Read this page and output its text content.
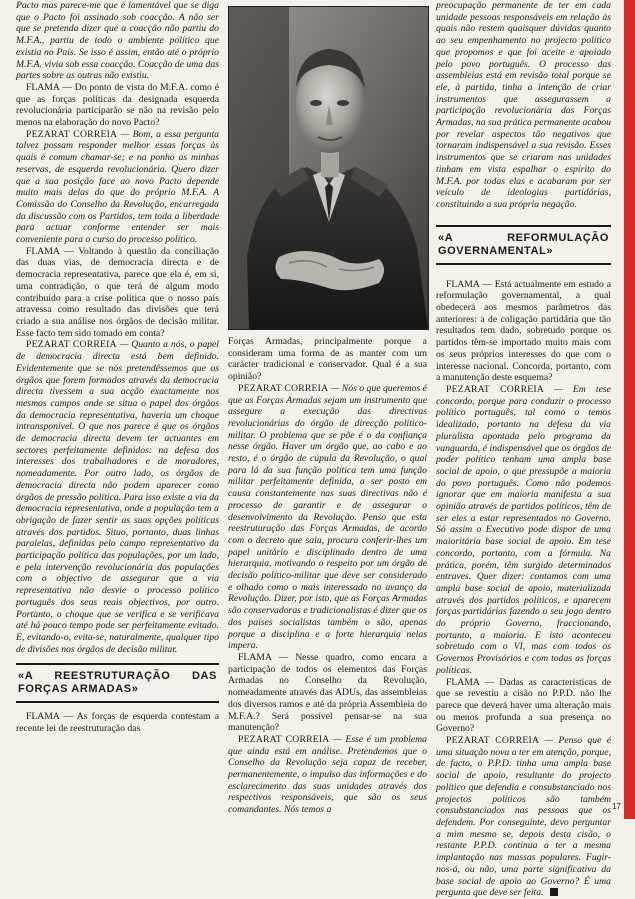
Pacto mas parece-me que é lamentável que se diga que o Pacto foi assinado sob coacção. A não ser que se pretenda dizer que a coacção não partiu do M.F.A., partiu de todo o ambiente político que existia no País. Se isso é assim, então até o próprio M.F.A. vivia sob essa coacção. Coacção de uma das partes sobre as outras não existiu.

FLAMA — Do ponto de vista do M.F.A. como é que as forças políticas da designada esquerda revolucionária participarão se não na revisão pelo menos na elaboração do novo Pacto?

PEZARAT CORREIA — Bom, a essa pergunta talvez possam responder melhor essas forças às quais é comum chamar-se; e na ponho as minhas reservas, de esquerda revolucionária. Quero dizer que a sua posição face ao novo Pacto depende muito mais delas do que do próprio M.F.A. A Comissão do Conselho da Revolução, encarregada da discussão com os Partidos, tem toda a liberdade para actuar conforme entender ser mais conveniente para o curso do processo político.

FLAMA — Voltando à questão da conciliação das duas vias, de democracia directa e de democracia representativa, parece que ela é, em si, uma contradição, o que terá de algum modo contribuído para a crise política que o nosso país atravessa como resultado das divisões que terá criado a sua análise nos órgãos de decisão militar. Esse facto tem sido tomado em conta?

PEZARAT CORREIA — Quanto a nós, o papel de democracia directa está bem definido. Evidentemente que se nós pretendêssemos que os órgãos que forem formados através da democracia directa tivessem a sua acção exactamente nos mesmos campos onde se situa o papel dos órgãos da democracia representativa, haveria um choque intransponível. O que nos parece é que os órgãos de democracia directa devem ter actuantes em sectores perfeitamente definidos: na defesa dos interesses dos trabalhadores e de moradores, nomeadamente. Por outro lado, os órgãos de democracia directa não podem aparecer como órgãos de pressão política. Para isso existe a via da democracia representativa, onde a população tem a obrigação de fazer sentir as suas opções políticas através dos partidos. Situo, portanto, duas linhas paralelas, definidas pelo campo representativo da participação política das populações, por um lado, e pela intervenção revolucionária das populações com o objectivo de assegurar que a via representativa não desvie o processo político português dos seus reais objectivos, por outro. Portanto, o choque que se verifica e se verificava até há pouco tempo pode ser perfeitamente evitado. E, evitando-o, evita-se, naturalmente, qualquer tipo de divisões nos órgãos de decisão militar.

«A REESTRUTURAÇÃO DAS FORÇAS ARMADAS»

FLAMA — As forças de esquerda contestam a recente lei de reestruturação das

Forças Armadas, principalmente porque a consideram uma forma de as manter com um carácter tradicional e conservador. Qual é a sua opinião?

PEZARAT CORREIA — Nós o que queremos é que as Forças Armadas sejam um instrumento que assegure a execução das directivas revolucionárias do órgão de direcção político-militar. O problema que se põe é o da confiança nesse órgão. Haver um órgão que, ao cabo e ao resto, é o órgão de cúpula da Revolução, o qual para lá da sua função política tem uma função militar perfeitamente definida, a ser posto em causa constantemente nas suas directivas não é processo de garantir e de assegurar o desenvolvimento da Revolução. Penso que esta reestruturação das Forças Armadas, de acordo com o decreto que saiu, procura conferir-lhes um papel unitário e disciplinado dentro de uma hierarquia, motivando o respeito por um órgão de decisão político-militar que deve ser considerado e olhado como o mais interessado no avanço da Revolução. Dizer, por isto, que as Forças Armadas são conservadoras e tradicionalistas é dizer que os dos países socialistas também o são, apenas porque a disciplina e a forte hierarquia nelas impera.

FLAMA — Nesse quadro, como encara a participação de todos os elementos das Forças Armadas no Conselho da Revolução, nomeadamente através das ADUs, das assembleias dos diversos ramos e até da própria Assembleia do M.F.A.? Será possível pensar-se na sua manutenção?

PEZARAT CORREIA — Esse é um problema que ainda está em análise. Pretendemos que o Conselho da Revolução seja capaz de receber, permanentemente, o impulso das informações e do esclarecimento das suas unidades através dos respectivos responsáveis, que são os seus comandantes. Nós temos a

preocupação permanente de ter em cada unidade pessoas responsáveis em relação às quais não restem quaisquer dúvidas quanto ao seu empenhamento no projecto político que propomos e que foi aceite e apoiado pelo povo português. O processo das assembleias está em revisão total porque se ele, à partida, tinha a intenção de criar instrumentos que assegurassem a participação revolucionária das Forças Armadas, na sua prática permanente acabou por revelar aspectos tão negativos que tornaram indispensável a sua revisão. Esses instrumentos que se criaram nas unidades tinham em vista espalhar o espírito do M.F.A. por todas elas e acabaram por ser veículo de ideologias partidárias, constituindo a sua própria negação.

«A REFORMULAÇÃO GOVERNAMENTAL»

FLAMA — Está actualmente em estudo a reformulação governamental, a qual obedecerá aos mesmos parâmetros das anteriores: a de coligação partidária que tão resultados tem dado, sobretudo porque os partidos têm-se importado muito mais com os seus próprios interesses do que com o interesse nacional. Concorda, portanto, com a manutenção deste esquema?

PEZARAT CORREIA — Em tese concordo, porque para conduzir o processo político português, tal como o temos idealizado, portanto na defesa da via pluralista apontada pelo programa da vanguarda, é indispensável que os órgãos de poder político tenham uma ampla base social de apoio, o que pressupõe a maioria do povo português. Como não podemos ignorar que em maioria manifesta a sua opinião através de partidos políticos, têm de ser eles a estar representados no Governo. Só assim o Executivo pode dispor de uma maioritária base social de apoio. Em tese concordo, portanto, com a fórmula. Na prática, porém, têm surgido determinados entraves. Quer dizer: contamos com uma ampla base social de apoio, materializada através dos partidos políticos, e aparecem forças partidárias fazendo o seu jogo dentro do próprio Governo, fraccionando, portanto, a maioria. E isto aconteceu sobretudo com o VI, mas com todos os Governos Provisórios e com todas as forças políticas.

FLAMA — Dadas as características de que se revestiu a cisão no P.P.D. não lhe parece que deverá haver uma alteração mais ou menos profunda a sua presença no Governo?

PEZARAT CORREIA — Penso que é uma situação nova a ter em atenção, porque, de facto, o P.P.D. tinha uma ampla base social de apoio, resultante do projecto político que defendia e consubstanciado nos projectos políticos são também consubstanciados nas pessoas que os defendem. Por conseguinte, devo perguntar a mim mesmo se, depois desta cisão, o restante P.P.D. continua a ter a mesma implantação nas massas populares. Fugir-nos-á, ou não, uma parte significativa da base social de apoio ao Governo? É uma pergunta que deve ser feita.

17
